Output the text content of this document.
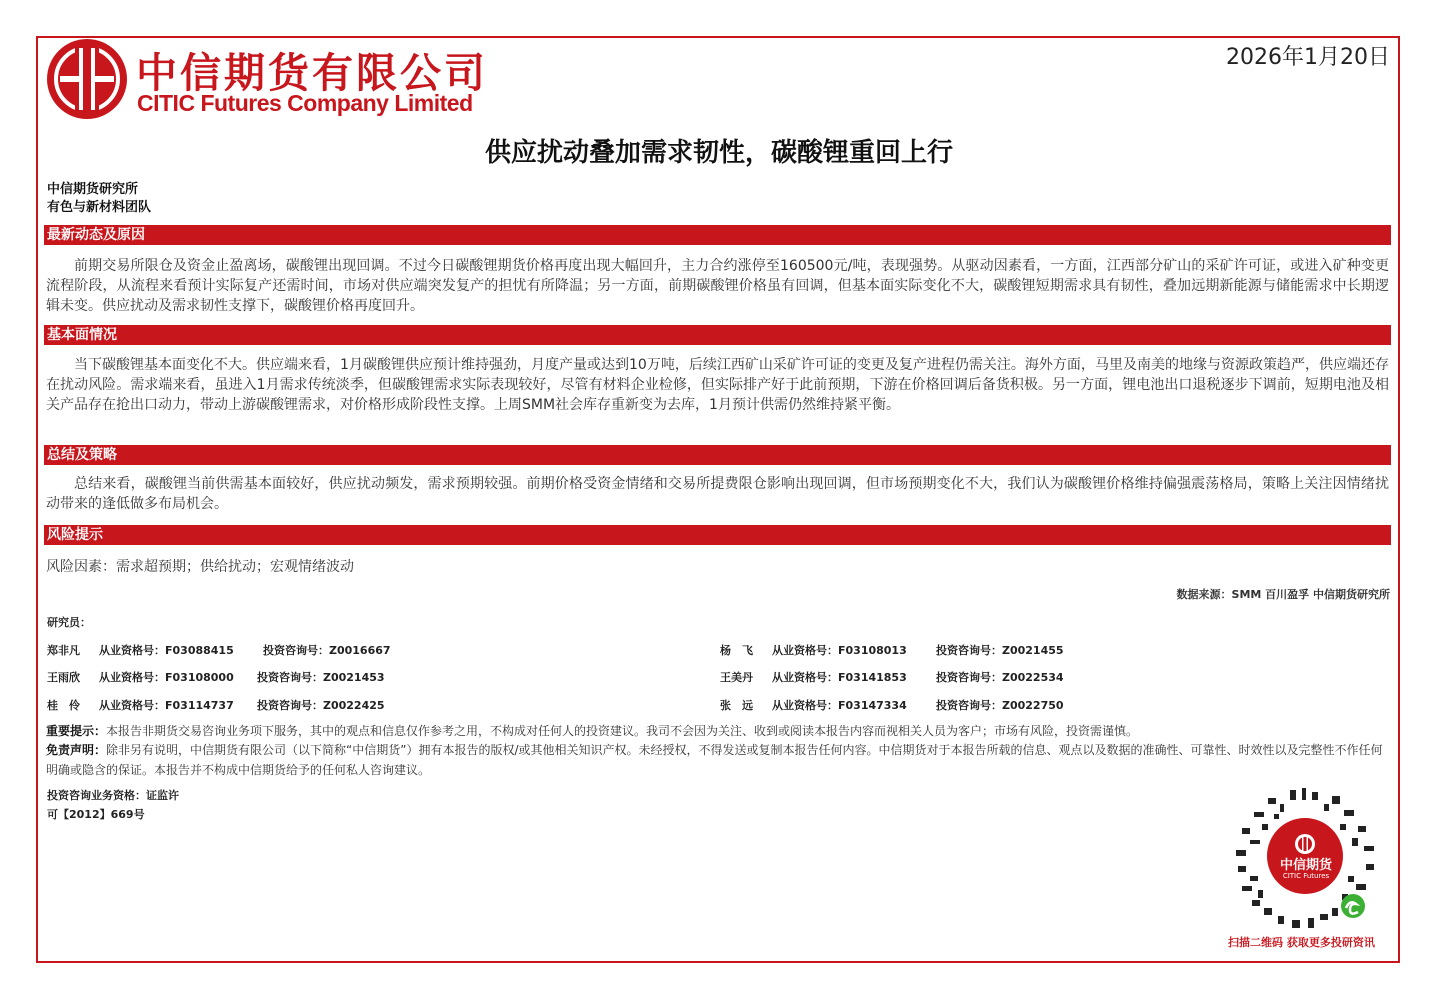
中信期货有限公司
CITIC Futures Company Limited
2026年1月20日
供应扰动叠加需求韧性，碳酸锂重回上行
中信期货研究所
有色与新材料团队
最新动态及原因

前期交易所限仓及资金止盈离场，碳酸锂出现回调。不过今日碳酸锂期货价格再度出现大幅回升，主力合约涨停至160500元/吨，表现强势。从驱动因素看，一方面，江西部分矿山的采矿许可证，或进入矿种变更流程阶段，从流程来看预计实际复产还需时间，市场对供应端突发复产的担忧有所降温；另一方面，前期碳酸锂价格虽有回调，但基本面实际变化不大，碳酸锂短期需求具有韧性，叠加远期新能源与储能需求中长期逻辑未变。供应扰动及需求韧性支撑下，碳酸锂价格再度回升。

基本面情况

当下碳酸锂基本面变化不大。供应端来看，1月碳酸锂供应预计维持强劲，月度产量或达到10万吨，后续江西矿山采矿许可证的变更及复产进程仍需关注。海外方面，马里及南美的地缘与资源政策趋严，供应端还存在扰动风险。需求端来看，虽进入1月需求传统淡季，但碳酸锂需求实际表现较好，尽管有材料企业检修，但实际排产好于此前预期，下游在价格回调后备货积极。另一方面，锂电池出口退税逐步下调前，短期电池及相关产品存在抢出口动力，带动上游碳酸锂需求，对价格形成阶段性支撑。上周SMM社会库存重新变为去库，1月预计供需仍然维持紧平衡。

总结及策略

总结来看，碳酸锂当前供需基本面较好，供应扰动频发，需求预期较强。前期价格受资金情绪和交易所提费限仓影响出现回调，但市场预期变化不大，我们认为碳酸锂价格维持偏强震荡格局，策略上关注因情绪扰动带来的逢低做多布局机会。

风险提示
风险因素：需求超预期；供给扰动；宏观情绪波动
数据来源：SMM 百川盈孚 中信期货研究所
研究员：
郑非凡 从业资格号：F03088415	投资咨询号：Z0016667	杨　飞 从业资格号：F03108013	投资咨询号：Z0021455
王雨欣 从业资格号：F03108000 投资咨询号：Z0021453	王美丹 从业资格号：F03141853	投资咨询号：Z0022534
桂　伶 从业资格号：F03114737 投资咨询号：Z0022425	张　远 从业资格号：F03147334	投资咨询号：Z0022750

重要提示：本报告非期货交易咨询业务项下服务，其中的观点和信息仅作参考之用，不构成对任何人的投资建议。我司不会因为关注、收到或阅读本报告内容而视相关人员为客户；市场有风险，投资需谨慎。

免责声明：除非另有说明，中信期货有限公司（以下简称“中信期货”）拥有本报告的版权/或其他相关知识产权。未经授权，不得发送或复制本报告任何内容。中信期货对于本报告所载的信息、观点以及数据的准确性、可靠性、时效性以及完整性不作任何明确或隐含的保证。本报告并不构成中信期货给予的任何私人咨询建议。

投资咨询业务资格：证监许
可【2012】669号
中信期货
CITIC Futures
扫描二维码 获取更多投研资讯
